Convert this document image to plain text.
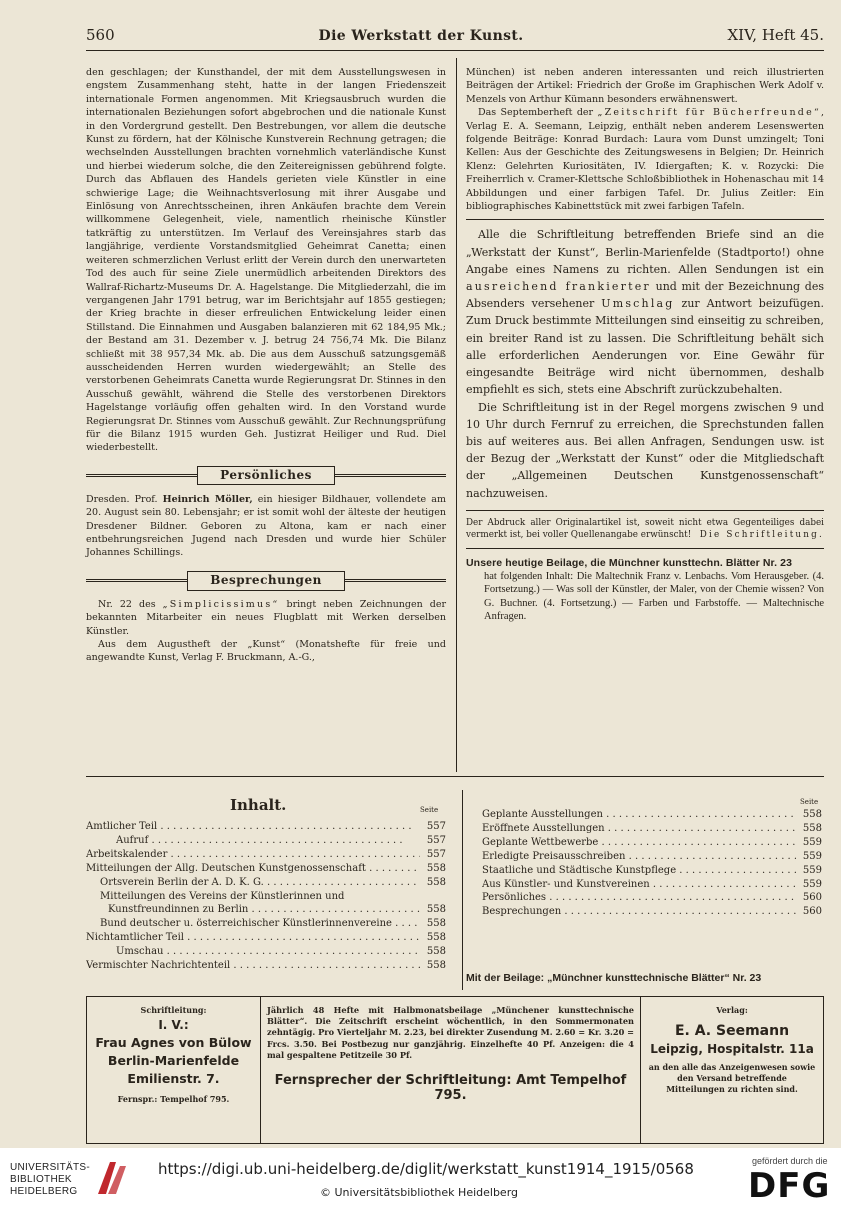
560	Die Werkstatt der Kunst.	XIV, Heft 45.

den geschlagen; der Kunsthandel, der mit dem Ausstellungswesen in engstem Zusammenhang steht, hatte in der langen Friedenszeit internationale Formen angenommen. Mit Kriegsausbruch wurden die internationalen Beziehungen sofort abgebrochen und die nationale Kunst in den Vordergrund gestellt. Den Bestrebungen, vor allem die deutsche Kunst zu fördern, hat der Kölnische Kunstverein Rechnung getragen; die wechselnden Ausstellungen brachten vornehmlich vaterländische Kunst und hierbei wiederum solche, die den Zeitereignissen gebührend folgte. Durch das Abflauen des Handels gerieten viele Künstler in eine schwierige Lage; die Weihnachtsverlosung mit ihrer Ausgabe und Einlösung von Anrechtsscheinen, ihren Ankäufen brachte dem Verein willkommene Gelegenheit, viele, namentlich rheinische Künstler tatkräftig zu unterstützen. Im Verlauf des Vereinsjahres starb das langjährige, verdiente Vorstandsmitglied Geheimrat Canetta; einen weiteren schmerzlichen Verlust erlitt der Verein durch den unerwarteten Tod des auch für seine Ziele unermüdlich arbeitenden Direktors des Wallraf-Richartz-Museums Dr. A. Hagelstange. Die Mitgliederzahl, die im vergangenen Jahr 1791 betrug, war im Berichtsjahr auf 1855 gestiegen; der Krieg brachte in dieser erfreulichen Entwickelung leider einen Stillstand. Die Einnahmen und Ausgaben balanzieren mit 62 184,95 Mk.; der Bestand am 31. Dezember v. J. betrug 24 756,74 Mk. Die Bilanz schließt mit 38 957,34 Mk. ab. Die aus dem Ausschuß satzungsgemäß ausscheidenden Herren wurden wiedergewählt; an Stelle des verstorbenen Geheimrats Canetta wurde Regierungsrat Dr. Stinnes in den Ausschuß gewählt, während die Stelle des verstorbenen Direktors Hagelstange vorläufig offen gehalten wird. In den Vorstand wurde Regierungsrat Dr. Stinnes vom Ausschuß gewählt. Zur Rechnungsprüfung für die Bilanz 1915 wurden Geh. Justizrat Heiliger und Rud. Diel wiederbestellt.

Persönliches

Dresden. Prof. Heinrich Möller, ein hiesiger Bildhauer, vollendete am 20. August sein 80. Lebensjahr; er ist somit wohl der älteste der heutigen Dresdener Bildner. Geboren zu Altona, kam er nach einer entbehrungsreichen Jugend nach Dresden und wurde hier Schüler Johannes Schillings.

Besprechungen

Nr. 22 des „Simplicissimus“ bringt neben Zeichnungen der bekannten Mitarbeiter ein neues Flugblatt mit Werken derselben Künstler.

Aus dem Augustheft der „Kunst“ (Monatshefte für freie und angewandte Kunst, Verlag F. Bruckmann, A.-G.,

München) ist neben anderen interessanten und reich illustrierten Beiträgen der Artikel: Friedrich der Große im Graphischen Werk Adolf v. Menzels von Arthur Kümann besonders erwähnenswert.

Das Septemberheft der „Zeitschrift für Bücherfreunde“, Verlag E. A. Seemann, Leipzig, enthält neben anderem Lesenswerten folgende Beiträge: Konrad Burdach: Laura vom Dunst umzingelt; Toni Kellen: Aus der Geschichte des Zeitungswesens in Belgien; Dr. Heinrich Klenz: Gelehrten Kuriositäten, IV. Idiergaften; K. v. Rozycki: Die Freiherrlich v. Cramer-Klettsche Schloßbibliothek in Hohenaschau mit 14 Abbildungen und einer farbigen Tafel. Dr. Julius Zeitler: Ein bibliographisches Kabinettstück mit zwei farbigen Tafeln.

Alle die Schriftleitung betreffenden Briefe sind an die „Werkstatt der Kunst“, Berlin-Marienfelde (Stadtporto!) ohne Angabe eines Namens zu richten. Allen Sendungen ist ein ausreichend frankierter und mit der Bezeichnung des Absenders versehener Umschlag zur Antwort beizufügen. Zum Druck bestimmte Mitteilungen sind einseitig zu schreiben, ein breiter Rand ist zu lassen. Die Schriftleitung behält sich alle erforderlichen Aenderungen vor. Eine Gewähr für eingesandte Beiträge wird nicht übernommen, deshalb empfiehlt es sich, stets eine Abschrift zurückzubehalten.

Die Schriftleitung ist in der Regel morgens zwischen 9 und 10 Uhr durch Fernruf zu erreichen, die Sprechstunden fallen bis auf weiteres aus. Bei allen Anfragen, Sendungen usw. ist der Bezug der „Werkstatt der Kunst“ oder die Mitgliedschaft der „Allgemeinen Deutschen Kunstgenossenschaft“ nachzuweisen.

Der Abdruck aller Originalartikel ist, soweit nicht etwa Gegenteiliges dabei vermerkt ist, bei voller Quellenangabe erwünscht! Die Schriftleitung.
Unsere heutige Beilage, die Münchner kunsttechn. Blätter Nr. 23
hat folgenden Inhalt: Die Maltechnik Franz v. Lenbachs. Vom Herausgeber. (4. Fortsetzung.) — Was soll der Künstler, der Maler, von der Chemie wissen? Von G. Buchner. (4. Fortsetzung.) — Farben und Farbstoffe. — Maltechnische Anfragen.
Inhalt.	Seite
Seite
Amtlicher Teil . . .	557
Aufruf . . .	557
Arbeitskalender . . .	557
Mitteilungen der Allg. Deutschen Kunstgenossenschaft . . .	558
Ortsverein Berlin der A. D. K. G. . . .	558
Mitteilungen des Vereins der Künstlerinnen und
Kunstfreundinnen zu Berlin . . .	558
Bund deutscher u. österreichischer Künstlerinnenvereine . . .	558
Nichtamtlicher Teil . . .	558
Umschau . . .	558
Vermischter Nachrichtenteil . . .	558
Geplante Ausstellungen . . .	558
Eröffnete Ausstellungen . . .	558
Geplante Wettbewerbe . . .	559
Erledigte Preisausschreiben . . .	559
Staatliche und Städtische Kunstpflege . . .	559
Aus Künstler- und Kunstvereinen . . .	559
Persönliches . . .	560
Besprechungen . . .	560
Mit der Beilage: „Münchner kunsttechnische Blätter“ Nr. 23
Schriftleitung:
I. V.:
Frau Agnes von Bülow
Berlin-Marienfelde
Emilienstr. 7.
Fernspr.: Tempelhof 795.
Jährlich 48 Hefte mit Halbmonatsbeilage „Münchener kunsttechnische Blätter“. Die Zeitschrift erscheint wöchentlich, in den Sommermonaten zehntägig. Pro Vierteljahr M. 2.23, bei direkter Zusendung M. 2.60 = Kr. 3.20 = Frcs. 3.50. Bei Postbezug nur ganzjährig. Einzelhefte 40 Pf. Anzeigen: die 4 mal gespaltene Petitzeile 30 Pf.
Fernsprecher der Schriftleitung: Amt Tempelhof 795.
Verlag:
E. A. Seemann
Leipzig, Hospitalstr. 11a
an den alle das Anzeigenwesen sowie den Versand betreffende Mitteilungen zu richten sind.
UNIVERSITÄTS-
BIBLIOTHEK
HEIDELBERG
https://digi.ub.uni-heidelberg.de/diglit/werkstatt_kunst1914_1915/0568
© Universitätsbibliothek Heidelberg
gefördert durch die
DFG
